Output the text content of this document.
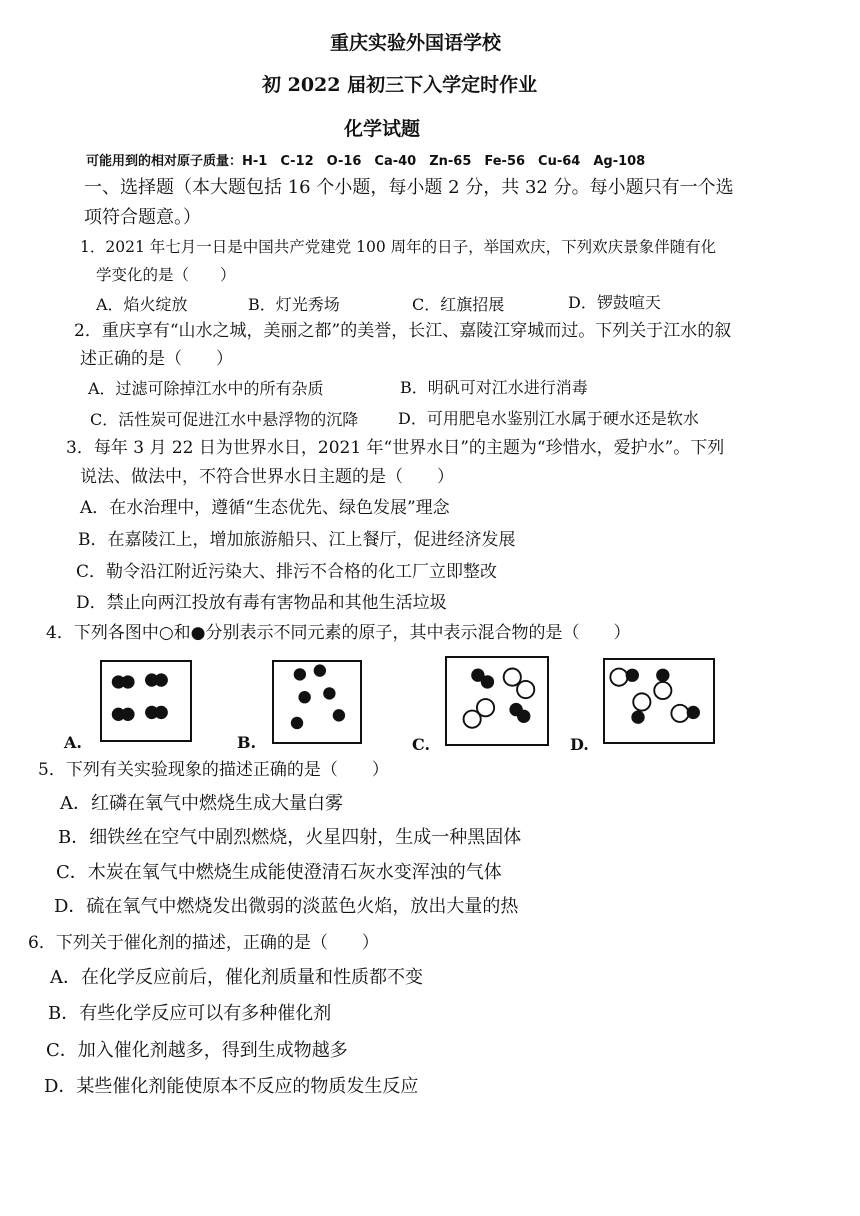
重庆实验外国语学校
初 2022 届初三下入学定时作业
化学试题
可能用到的相对原子质量：H-1　C-12　O-16　Ca-40　Zn-65　Fe-56　Cu-64　Ag-108
一、选择题（本大题包括 16 个小题，每小题 2 分，共 32 分。每小题只有一个选
项符合题意。）
1．2021 年七月一日是中国共产党建党 100 周年的日子，举国欢庆，下列欢庆景象伴随有化
学变化的是（　　）
A．焰火绽放	B．灯光秀场	C．红旗招展	D．锣鼓喧天
2．重庆享有“山水之城，美丽之都”的美誉，长江、嘉陵江穿城而过。下列关于江水的叙
述正确的是（　　）
A．过滤可除掉江水中的所有杂质	B．明矾可对江水进行消毒
C．活性炭可促进江水中悬浮物的沉降 D．可用肥皂水鉴别江水属于硬水还是软水
3．每年 3 月 22 日为世界水日，2021 年“世界水日”的主题为“珍惜水，爱护水”。下列
说法、做法中，不符合世界水日主题的是（　　）
A．在水治理中，遵循“生态优先、绿色发展”理念
B．在嘉陵江上，增加旅游船只、江上餐厅，促进经济发展
C．勒令沿江附近污染大、排污不合格的化工厂立即整改
D．禁止向两江投放有毒有害物品和其他生活垃圾
4．下列各图中○和●分别表示不同元素的原子，其中表示混合物的是（　　）
A.	B.	C.	D.
5．下列有关实验现象的描述正确的是（　　）
A．红磷在氧气中燃烧生成大量白雾
B．细铁丝在空气中剧烈燃烧，火星四射，生成一种黑固体
C．木炭在氧气中燃烧生成能使澄清石灰水变浑浊的气体
D．硫在氧气中燃烧发出微弱的淡蓝色火焰，放出大量的热
6．下列关于催化剂的描述，正确的是（　　）
A．在化学反应前后，催化剂质量和性质都不变
B．有些化学反应可以有多种催化剂
C．加入催化剂越多，得到生成物越多
D．某些催化剂能使原本不反应的物质发生反应
